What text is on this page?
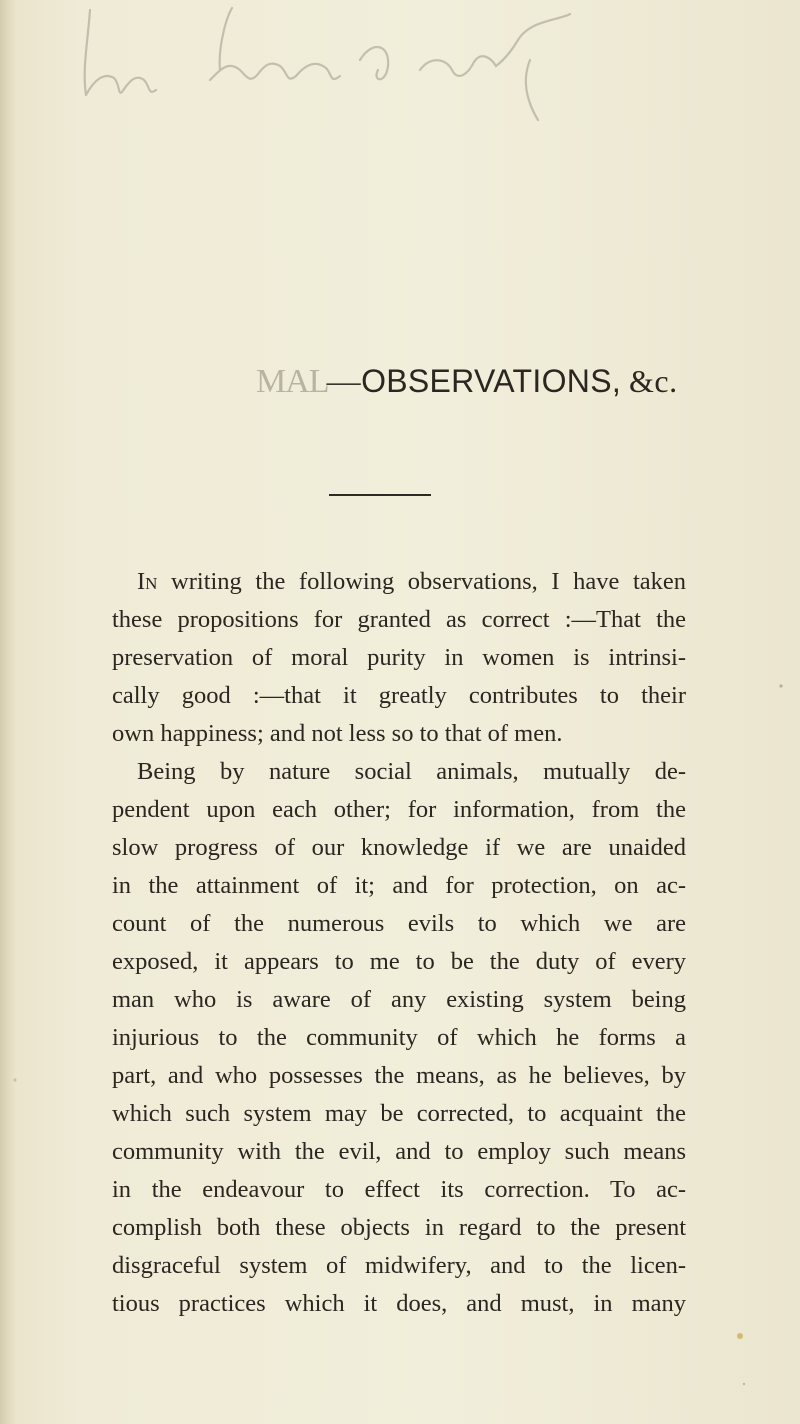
MAL—OBSERVATIONS, &c.
In writing the following observations, I have taken
these propositions for granted as correct :—That the
preservation of moral purity in women is intrinsi-
cally good :—that it greatly contributes to their
own happiness; and not less so to that of men.
Being by nature social animals, mutually de-
pendent upon each other; for information, from the
slow progress of our knowledge if we are unaided
in the attainment of it; and for protection, on ac-
count of the numerous evils to which we are
exposed, it appears to me to be the duty of every
man who is aware of any existing system being
injurious to the community of which he forms a
part, and who possesses the means, as he believes, by
which such system may be corrected, to acquaint the
community with the evil, and to employ such means
in the endeavour to effect its correction. To ac-
complish both these objects in regard to the present
disgraceful system of midwifery, and to the licen-
tious practices which it does, and must, in many
